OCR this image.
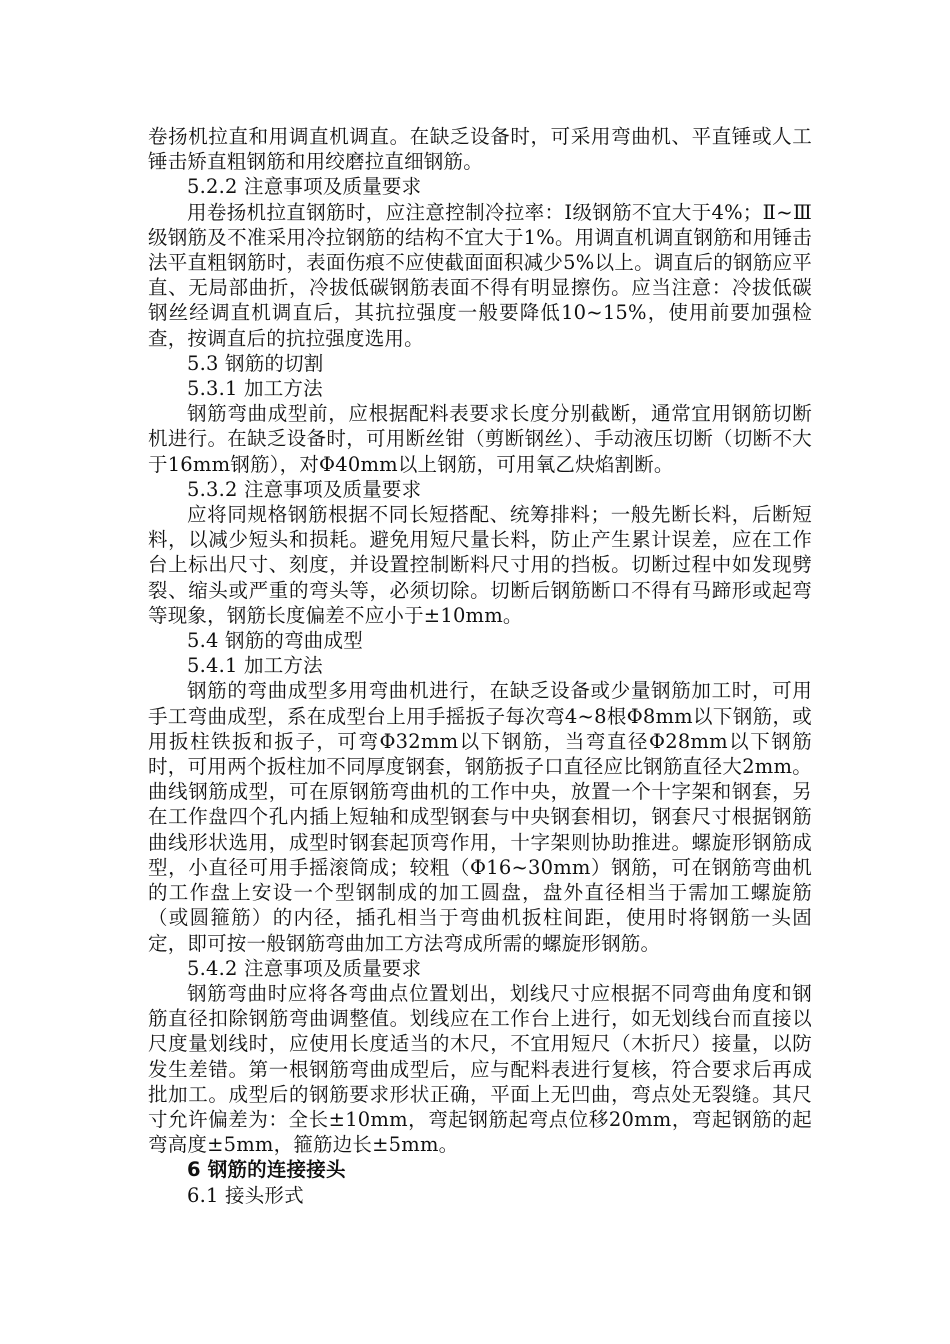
卷扬机拉直和用调直机调直。在缺乏设备时，可采用弯曲机、平直锤或人工锤击矫直粗钢筋和用绞磨拉直细钢筋。

5.2.2 注意事项及质量要求

用卷扬机拉直钢筋时，应注意控制冷拉率：Ⅰ级钢筋不宜大于4%；Ⅱ~Ⅲ级钢筋及不准采用冷拉钢筋的结构不宜大于1%。用调直机调直钢筋和用锤击法平直粗钢筋时，表面伤痕不应使截面面积减少5%以上。调直后的钢筋应平直、无局部曲折，冷拔低碳钢筋表面不得有明显擦伤。应当注意：冷拔低碳钢丝经调直机调直后，其抗拉强度一般要降低10~15%，使用前要加强检查，按调直后的抗拉强度选用。

5.3 钢筋的切割

5.3.1 加工方法

钢筋弯曲成型前，应根据配料表要求长度分别截断，通常宜用钢筋切断机进行。在缺乏设备时，可用断丝钳（剪断钢丝）、手动液压切断（切断不大于16mm钢筋），对Φ40mm以上钢筋，可用氧乙炔焰割断。

5.3.2 注意事项及质量要求

应将同规格钢筋根据不同长短搭配、统筹排料；一般先断长料，后断短料，以减少短头和损耗。避免用短尺量长料，防止产生累计误差，应在工作台上标出尺寸、刻度，并设置控制断料尺寸用的挡板。切断过程中如发现劈裂、缩头或严重的弯头等，必须切除。切断后钢筋断口不得有马蹄形或起弯等现象，钢筋长度偏差不应小于±10mm。

5.4 钢筋的弯曲成型

5.4.1 加工方法

钢筋的弯曲成型多用弯曲机进行，在缺乏设备或少量钢筋加工时，可用手工弯曲成型，系在成型台上用手摇扳子每次弯4~8根Φ8mm以下钢筋，或用扳柱铁扳和扳子，可弯Φ32mm以下钢筋，当弯直径Φ28mm以下钢筋时，可用两个扳柱加不同厚度钢套，钢筋扳子口直径应比钢筋直径大2mm。曲线钢筋成型，可在原钢筋弯曲机的工作中央，放置一个十字架和钢套，另在工作盘四个孔内插上短轴和成型钢套与中央钢套相切，钢套尺寸根据钢筋曲线形状选用，成型时钢套起顶弯作用，十字架则协助推进。螺旋形钢筋成型，小直径可用手摇滚筒成；较粗（Φ16~30mm）钢筋，可在钢筋弯曲机的工作盘上安设一个型钢制成的加工圆盘，盘外直径相当于需加工螺旋筋（或圆箍筋）的内径，插孔相当于弯曲机扳柱间距，使用时将钢筋一头固定，即可按一般钢筋弯曲加工方法弯成所需的螺旋形钢筋。

5.4.2 注意事项及质量要求

钢筋弯曲时应将各弯曲点位置划出，划线尺寸应根据不同弯曲角度和钢筋直径扣除钢筋弯曲调整值。划线应在工作台上进行，如无划线台而直接以尺度量划线时，应使用长度适当的木尺，不宜用短尺（木折尺）接量，以防发生差错。第一根钢筋弯曲成型后，应与配料表进行复核，符合要求后再成批加工。成型后的钢筋要求形状正确，平面上无凹曲，弯点处无裂缝。其尺寸允许偏差为：全长±10mm，弯起钢筋起弯点位移20mm，弯起钢筋的起弯高度±5mm，箍筋边长±5mm。

6 钢筋的连接接头

6.1 接头形式
